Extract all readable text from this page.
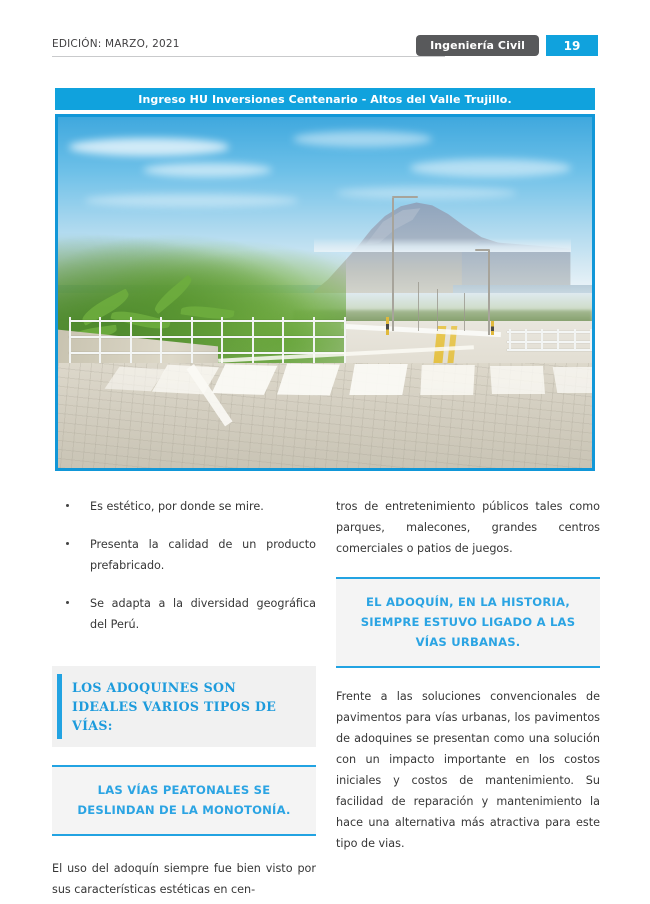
EDICIÓN: MARZO, 2021	Ingeniería Civil	19
Ingreso HU Inversiones Centenario - Altos del Valle Trujillo.
Es estético, por donde se mire.
Presenta la calidad de un producto prefabricado.
Se adapta a la diversidad geográfica del Perú.
LOS ADOQUINES SON IDEALES VARIOS TIPOS DE VÍAS:
LAS VÍAS PEATONALES SE DESLINDAN DE LA MONOTONÍA.

El uso del adoquín siempre fue bien visto por sus características estéticas en cen-

tros de entretenimiento públicos tales como parques, malecones, grandes centros comerciales o patios de juegos.

EL ADOQUÍN, EN LA HISTORIA, SIEMPRE ESTUVO LIGADO A LAS VÍAS URBANAS.

Frente a las soluciones convencionales de pavimentos para vías urbanas, los pavimentos de adoquines se presentan como una solución con un impacto importante en los costos iniciales y costos de mantenimiento. Su facilidad de reparación y mantenimiento la hace una alternativa más atractiva para este tipo de vias.
